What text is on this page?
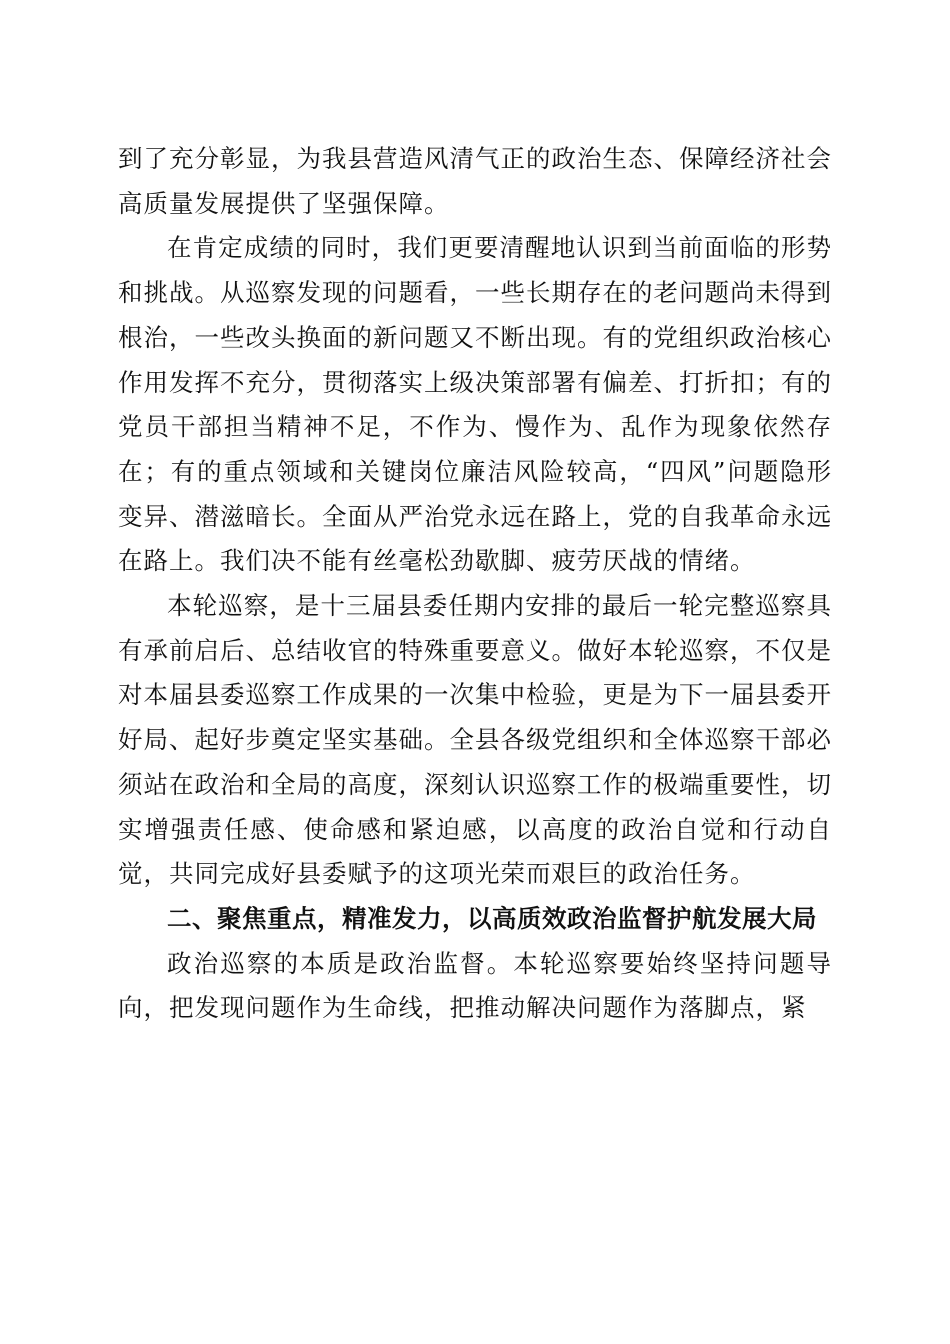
到了充分彰显，为我县营造风清气正的政治生态、保障经济社会高质量发展提供了坚强保障。

在肯定成绩的同时，我们更要清醒地认识到当前面临的形势和挑战。从巡察发现的问题看，一些长期存在的老问题尚未得到根治，一些改头换面的新问题又不断出现。有的党组织政治核心作用发挥不充分，贯彻落实上级决策部署有偏差、打折扣；有的党员干部担当精神不足，不作为、慢作为、乱作为现象依然存在；有的重点领域和关键岗位廉洁风险较高，“四风”问题隐形变异、潜滋暗长。全面从严治党永远在路上，党的自我革命永远在路上。我们决不能有丝毫松劲歇脚、疲劳厌战的情绪。

本轮巡察，是十三届县委任期内安排的最后一轮完整巡察具有承前启后、总结收官的特殊重要意义。做好本轮巡察，不仅是对本届县委巡察工作成果的一次集中检验，更是为下一届县委开好局、起好步奠定坚实基础。全县各级党组织和全体巡察干部必须站在政治和全局的高度，深刻认识巡察工作的极端重要性，切实增强责任感、使命感和紧迫感，以高度的政治自觉和行动自觉，共同完成好县委赋予的这项光荣而艰巨的政治任务。

二、聚焦重点，精准发力，以高质效政治监督护航发展大局

政治巡察的本质是政治监督。本轮巡察要始终坚持问题导向，把发现问题作为生命线，把推动解决问题作为落脚点，紧
